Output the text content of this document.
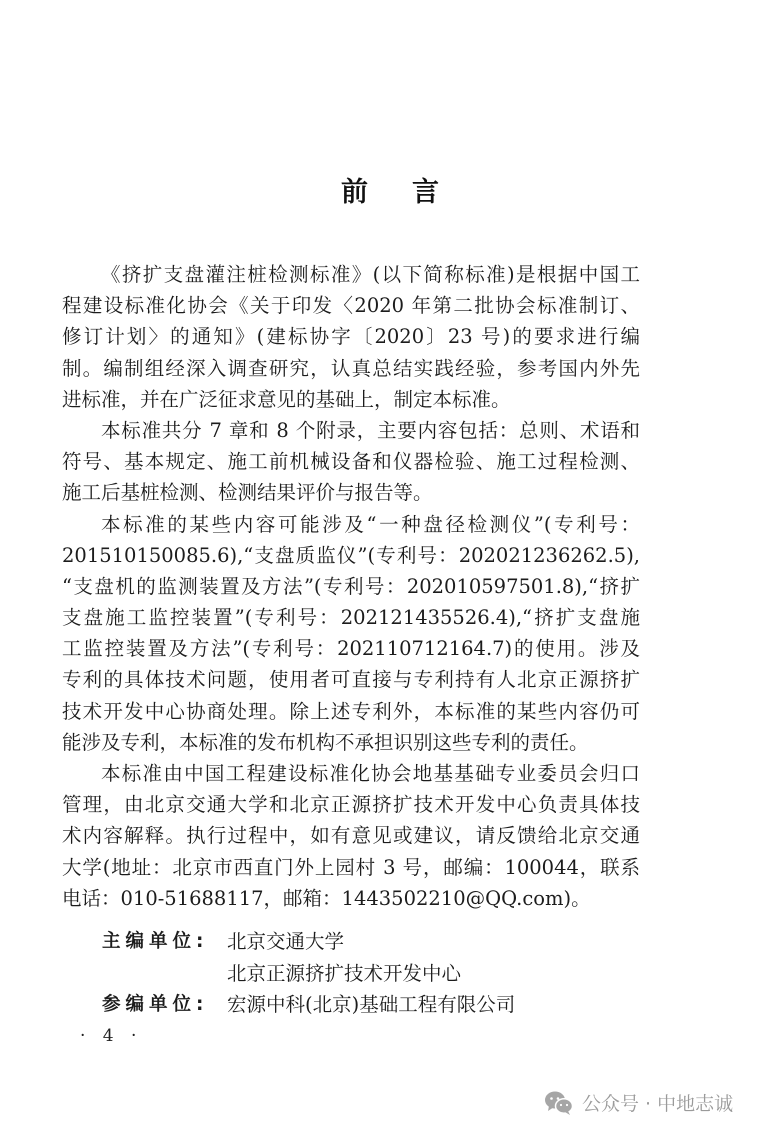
前 言
《挤扩支盘灌注桩检测标准》(以下简称标准)是根据中国工
程建设标准化协会《关于印发〈2020 年第二批协会标准制订、
修订计划〉的通知》(建标协字〔2020〕23 号)的要求进行编
制。编制组经深入调查研究，认真总结实践经验，参考国内外先
进标准，并在广泛征求意见的基础上，制定本标准。
本标准共分 7 章和 8 个附录，主要内容包括：总则、术语和
符号、基本规定、施工前机械设备和仪器检验、施工过程检测、
施工后基桩检测、检测结果评价与报告等。
本标准的某些内容可能涉及“一种盘径检测仪”(专利号：
201510150085.6),“支盘质监仪”(专利号：202021236262.5),
“支盘机的监测装置及方法”(专利号：202010597501.8),“挤扩
支盘施工监控装置”(专利号：202121435526.4),“挤扩支盘施
工监控装置及方法”(专利号：202110712164.7)的使用。涉及
专利的具体技术问题，使用者可直接与专利持有人北京正源挤扩
技术开发中心协商处理。除上述专利外，本标准的某些内容仍可
能涉及专利，本标准的发布机构不承担识别这些专利的责任。
本标准由中国工程建设标准化协会地基基础专业委员会归口
管理，由北京交通大学和北京正源挤扩技术开发中心负责具体技
术内容解释。执行过程中，如有意见或建议，请反馈给北京交通
大学(地址：北京市西直门外上园村 3 号，邮编：100044，联系
电话：010-51688117，邮箱：1443502210@QQ.com)。
主编单位: 北京交通大学
北京正源挤扩技术开发中心
参编单位: 宏源中科(北京)基础工程有限公司
· 4 ·
公众号 · 中地志诚
